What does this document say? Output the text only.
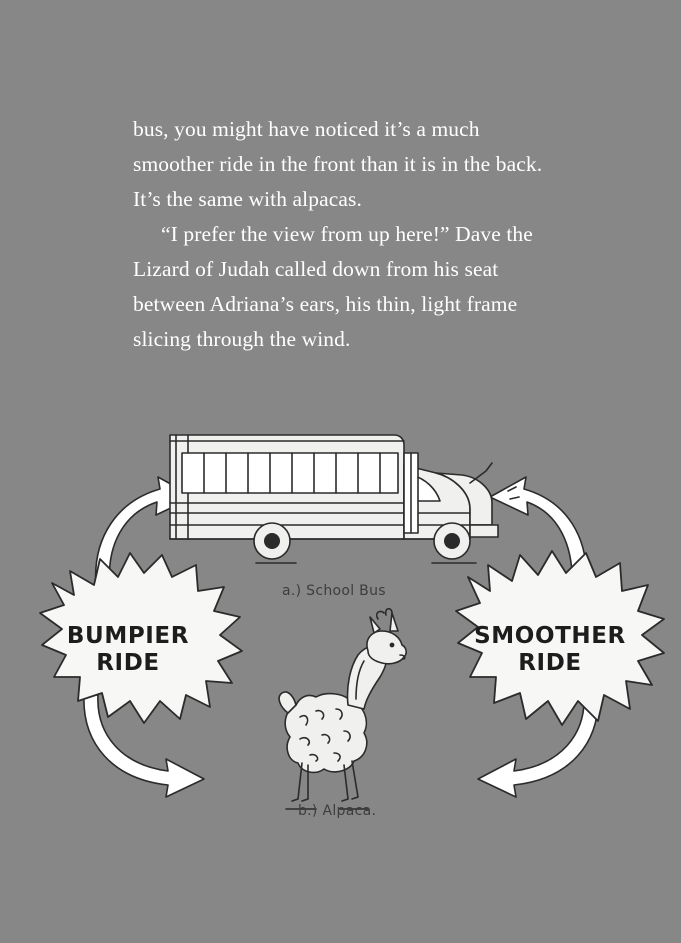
bus, you might have noticed it’s a much smoother ride in the front than it is in the back. It’s the same with alpacas.

“I prefer the view from up here!” Dave the Lizard of Judah called down from his seat between Adriana’s ears, his thin, light frame slicing through the wind.

a.) School Bus
b.) Alpaca.
BUMPIER
RIDE
SMOOTHER
RIDE
